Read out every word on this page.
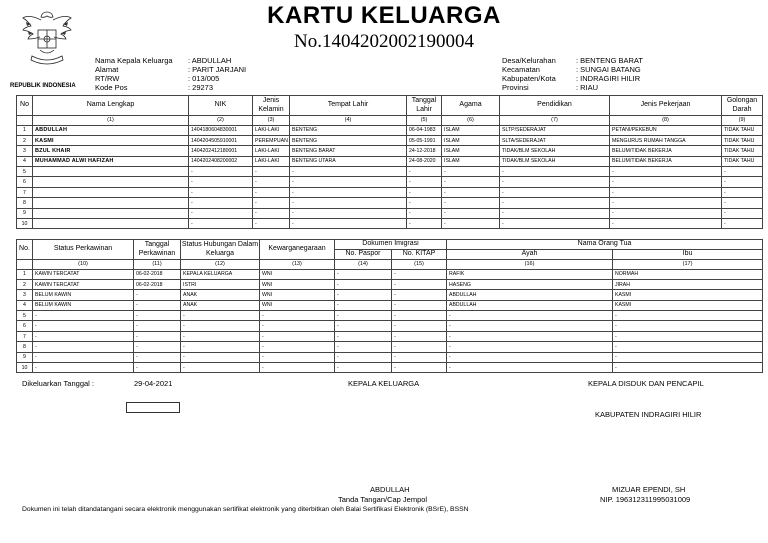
REPUBLIK INDONESIA
KARTU KELUARGA
No.1404202002190004
Nama Kepala Keluarga	: ABDULLAH
Alamat	: PARIT JARJANI
RT/RW	: 013/005
Kode Pos	: 29273
Desa/Kelurahan	: BENTENG BARAT
Kecamatan	: SUNGAI BATANG
Kabupaten/Kota	: INDRAGIRI HILIR
Provinsi	: RIAU
No	Nama Lengkap	NIK	Jenis Kelamin	Tempat Lahir	Tanggal Lahir	Agama	Pendidikan	Jenis Pekerjaan	Golongan Darah
	(1)	(2)	(3)	(4)	(5)	(6)	(7)	(8)	(9)
1	ABDULLAH	1404180604830001	LAKI-LAKI	BENTENG	06-04-1983	ISLAM	SLTP/SEDERAJAT	PETANI/PEKEBUN	TIDAK TAHU
2	KASMI	1404204505910001	PEREMPUAN	BENTENG	05-05-1991	ISLAM	SLTA/SEDERAJAT	MENGURUS RUMAH TANGGA	TIDAK TAHU
3	BZUL KHAIR	1404202412180001	LAKI-LAKI	BENTENG BARAT	24-12-2018	ISLAM	TIDAK/BLM SEKOLAH	BELUM/TIDAK BEKERJA	TIDAK TAHU
4	MUHAMMAD ALWI HAFIZAH	1404202408200002	LAKI-LAKI	BENTENG UTARA	24-08-2020	ISLAM	TIDAK/BLM SEKOLAH	BELUM/TIDAK BEKERJA	TIDAK TAHU
5		-	-	-	-	-	-	-	-
6		-	-	-	-	-	-	-	-
7		-	-	-	-	-	-	-	-
8		-	-	-	-	-	-	-	-
9		-	-	-	-	-	-	-	-
10		-	-	-	-	-	-	-	-
No.	Status Perkawinan	Tanggal Perkawinan	Status Hubungan Dalam Keluarga	Kewarganegaraan	Dokumen Imigrasi		Nama Orang Tua	
					No. Paspor	No. KITAP	Ayah	Ibu
	(10)	(11)	(12)	(13)	(14)	(15)	(16)	(17)
1	KAWIN TERCATAT	06-02-2018	KEPALA KELUARGA	WNI	-	-	RAFIK	NORMAH
2	KAWIN TERCATAT	06-02-2018	ISTRI	WNI	-	-	HASENG	JIRAH
3	BELUM KAWIN	-	ANAK	WNI	-	-	ABDULLAH	KASMI
4	BELUM KAWIN	-	ANAK	WNI	-	-	ABDULLAH	KASMI
5	-	-	-	-	-	-	-	-
6	-	-	-	-	-	-	-	-
7	-	-	-	-	-	-	-	-
8	-	-	-	-	-	-	-	-
9	-	-	-	-	-	-	-	-
10	-	-	-	-	-	-	-	-
Dikeluarkan Tanggal :	29-04-2021	KEPALA KELUARGA	KEPALA DISDUK DAN PENCAPIL
KABUPATEN INDRAGIRI HILIR
ABDULLAH
Tanda Tangan/Cap Jempol
MIZUAR EPENDI, SH
NIP. 196312311995031009
Dokumen ini telah ditandatangani secara elektronik menggunakan sertifikat elektronik yang diterbitkan oleh Balai Sertifikasi Elektronik (BSrE), BSSN
